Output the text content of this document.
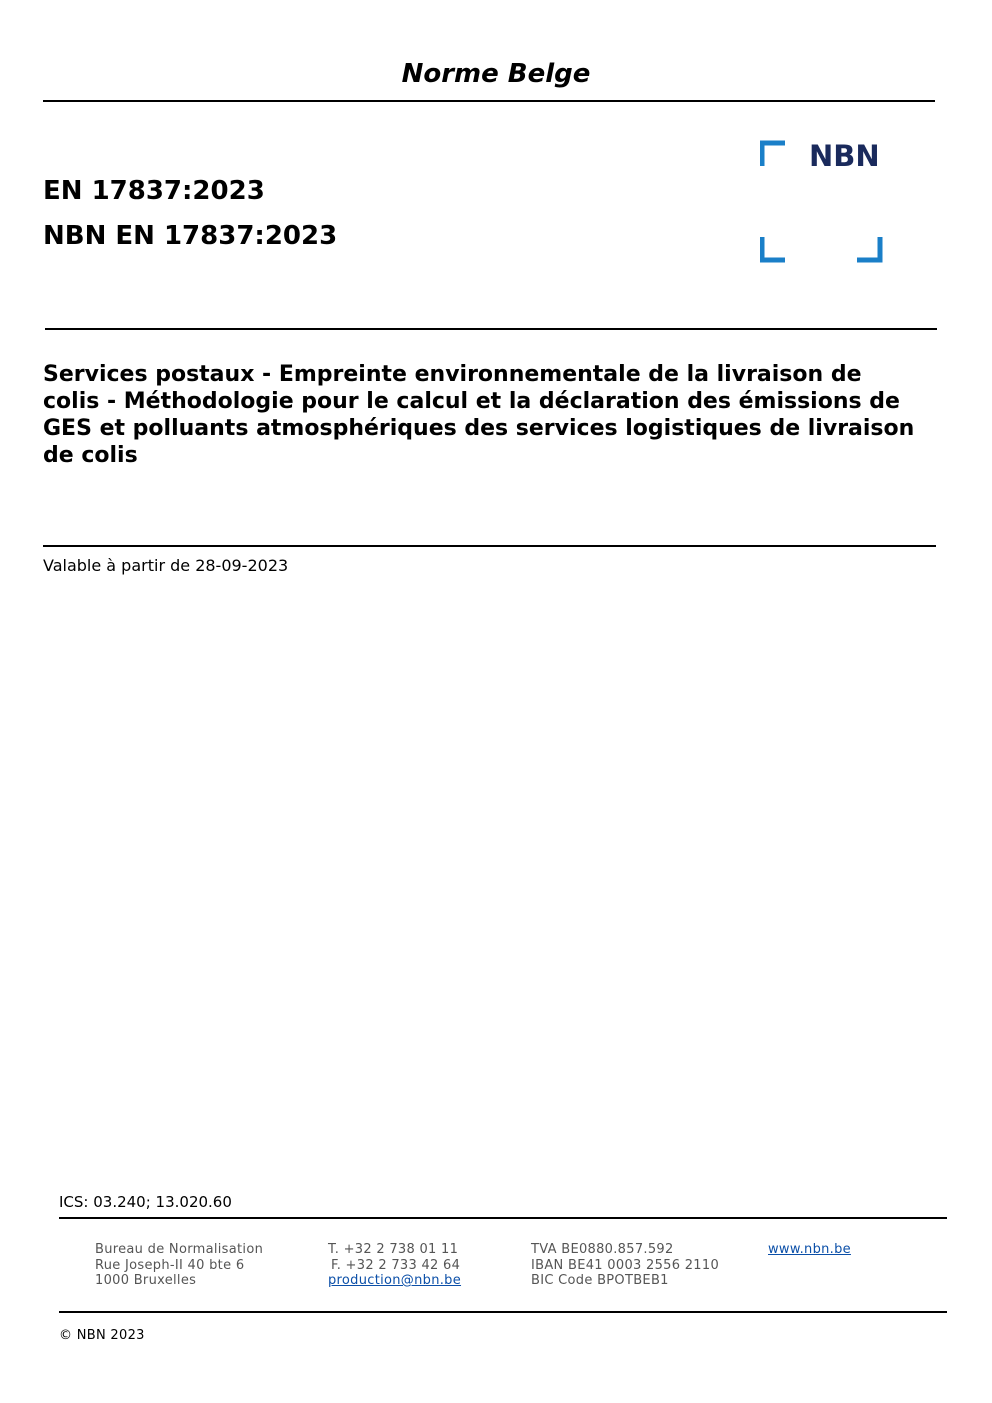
Norme Belge
EN 17837:2023
NBN EN 17837:2023
NBN
Services postaux - Empreinte environnementale de la livraison de colis - Méthodologie pour le calcul et la déclaration des émissions de GES et polluants atmosphériques des services logistiques de livraison de colis
Valable à partir de 28-09-2023
ICS: 03.240; 13.020.60
Bureau de Normalisation
Rue Joseph-II 40 bte 6
1000 Bruxelles
T. +32 2 738 01 11
F. +32 2 733 42 64
production@nbn.be
TVA BE0880.857.592
IBAN BE41 0003 2556 2110
BIC Code BPOTBEB1
www.nbn.be
© NBN 2023
